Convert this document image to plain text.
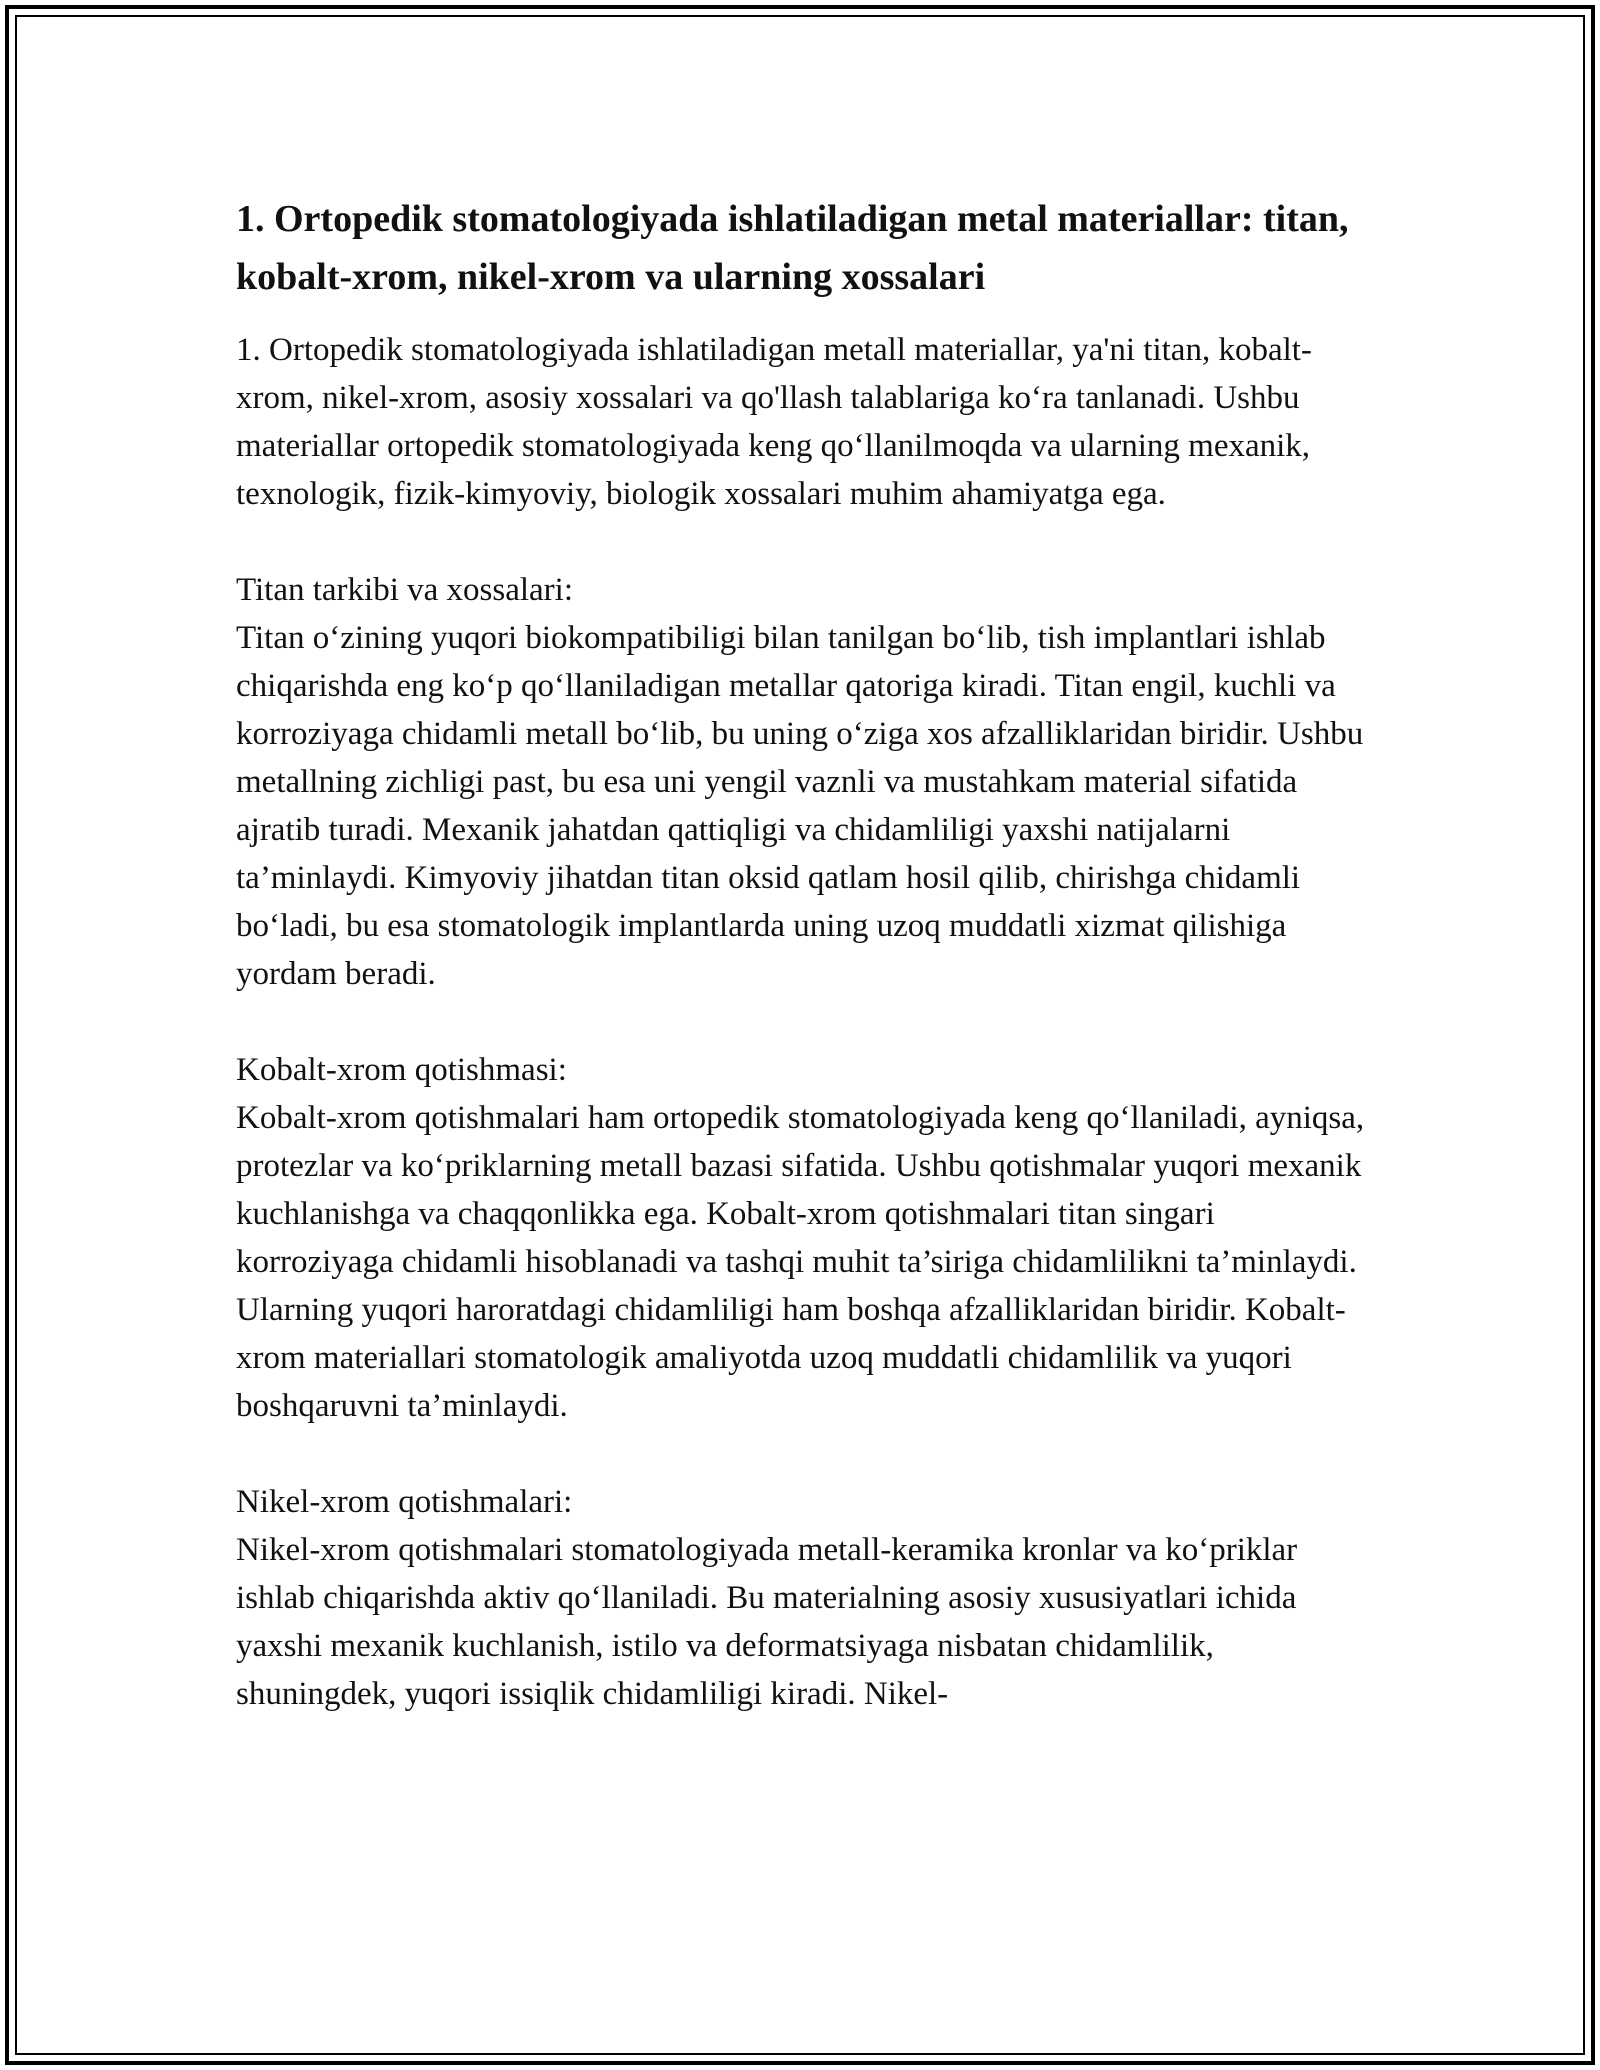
1. Ortopedik stomatologiyada ishlatiladigan metal materiallar: titan, kobalt-xrom, nikel-xrom va ularning xossalari

1. Ortopedik stomatologiyada ishlatiladigan metall materiallar, ya'ni titan, kobalt-xrom, nikel-xrom, asosiy xossalari va qo'llash talablariga ko‘ra tanlanadi. Ushbu materiallar ortopedik stomatologiyada keng qo‘llanilmoqda va ularning mexanik, texnologik, fizik-kimyoviy, biologik xossalari muhim ahamiyatga ega.

Titan tarkibi va xossalari:

Titan o‘zining yuqori biokompatibiligi bilan tanilgan bo‘lib, tish implantlari ishlab chiqarishda eng ko‘p qo‘llaniladigan metallar qatoriga kiradi. Titan engil, kuchli va korroziyaga chidamli metall bo‘lib, bu uning o‘ziga xos afzalliklaridan biridir. Ushbu metallning zichligi past, bu esa uni yengil vaznli va mustahkam material sifatida ajratib turadi. Mexanik jahatdan qattiqligi va chidamliligi yaxshi natijalarni ta’minlaydi. Kimyoviy jihatdan titan oksid qatlam hosil qilib, chirishga chidamli bo‘ladi, bu esa stomatologik implantlarda uning uzoq muddatli xizmat qilishiga yordam beradi.

Kobalt-xrom qotishmasi:

Kobalt-xrom qotishmalari ham ortopedik stomatologiyada keng qo‘llaniladi, ayniqsa, protezlar va ko‘priklarning metall bazasi sifatida. Ushbu qotishmalar yuqori mexanik kuchlanishga va chaqqonlikka ega. Kobalt-xrom qotishmalari titan singari korroziyaga chidamli hisoblanadi va tashqi muhit ta’siriga chidamlilikni ta’minlaydi. Ularning yuqori haroratdagi chidamliligi ham boshqa afzalliklaridan biridir. Kobalt-xrom materiallari stomatologik amaliyotda uzoq muddatli chidamlilik va yuqori boshqaruvni ta’minlaydi.

Nikel-xrom qotishmalari:

Nikel-xrom qotishmalari stomatologiyada metall-keramika kronlar va ko‘priklar ishlab chiqarishda aktiv qo‘llaniladi. Bu materialning asosiy xususiyatlari ichida yaxshi mexanik kuchlanish, istilo va deformatsiyaga nisbatan chidamlilik, shuningdek, yuqori issiqlik chidamliligi kiradi. Nikel-
